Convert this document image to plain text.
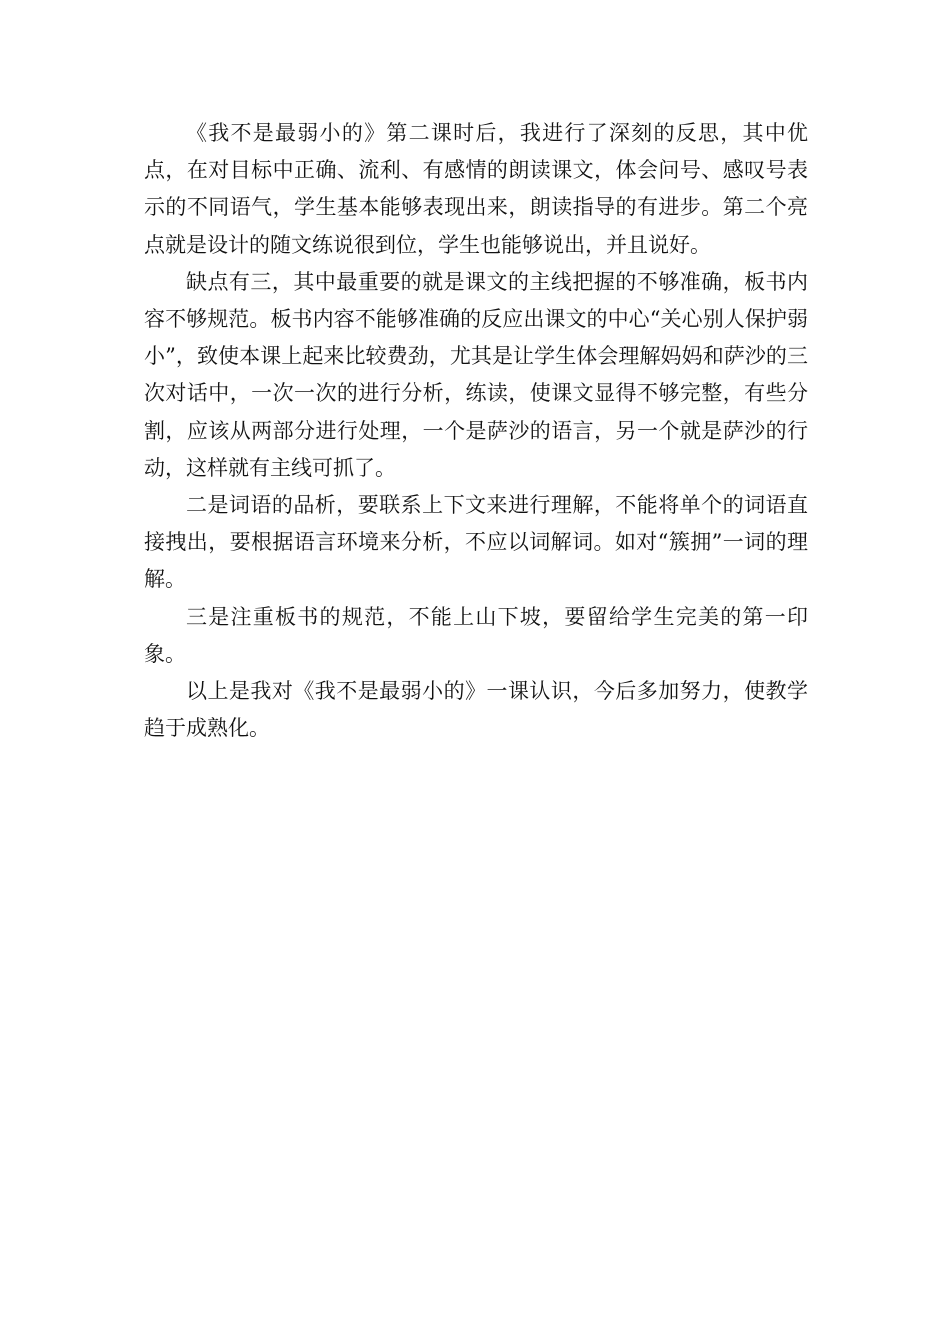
《我不是最弱小的》第二课时后，我进行了深刻的反思，其中优点，在对目标中正确、流利、有感情的朗读课文，体会问号、感叹号表示的不同语气，学生基本能够表现出来，朗读指导的有进步。第二个亮点就是设计的随文练说很到位，学生也能够说出，并且说好。

缺点有三，其中最重要的就是课文的主线把握的不够准确，板书内容不够规范。板书内容不能够准确的反应出课文的中心“关心别人保护弱小”，致使本课上起来比较费劲，尤其是让学生体会理解妈妈和萨沙的三次对话中，一次一次的进行分析，练读，使课文显得不够完整，有些分割，应该从两部分进行处理，一个是萨沙的语言，另一个就是萨沙的行动，这样就有主线可抓了。

二是词语的品析，要联系上下文来进行理解，不能将单个的词语直接拽出，要根据语言环境来分析，不应以词解词。如对“簇拥”一词的理解。

三是注重板书的规范，不能上山下坡，要留给学生完美的第一印象。

以上是我对《我不是最弱小的》一课认识，今后多加努力，使教学趋于成熟化。
